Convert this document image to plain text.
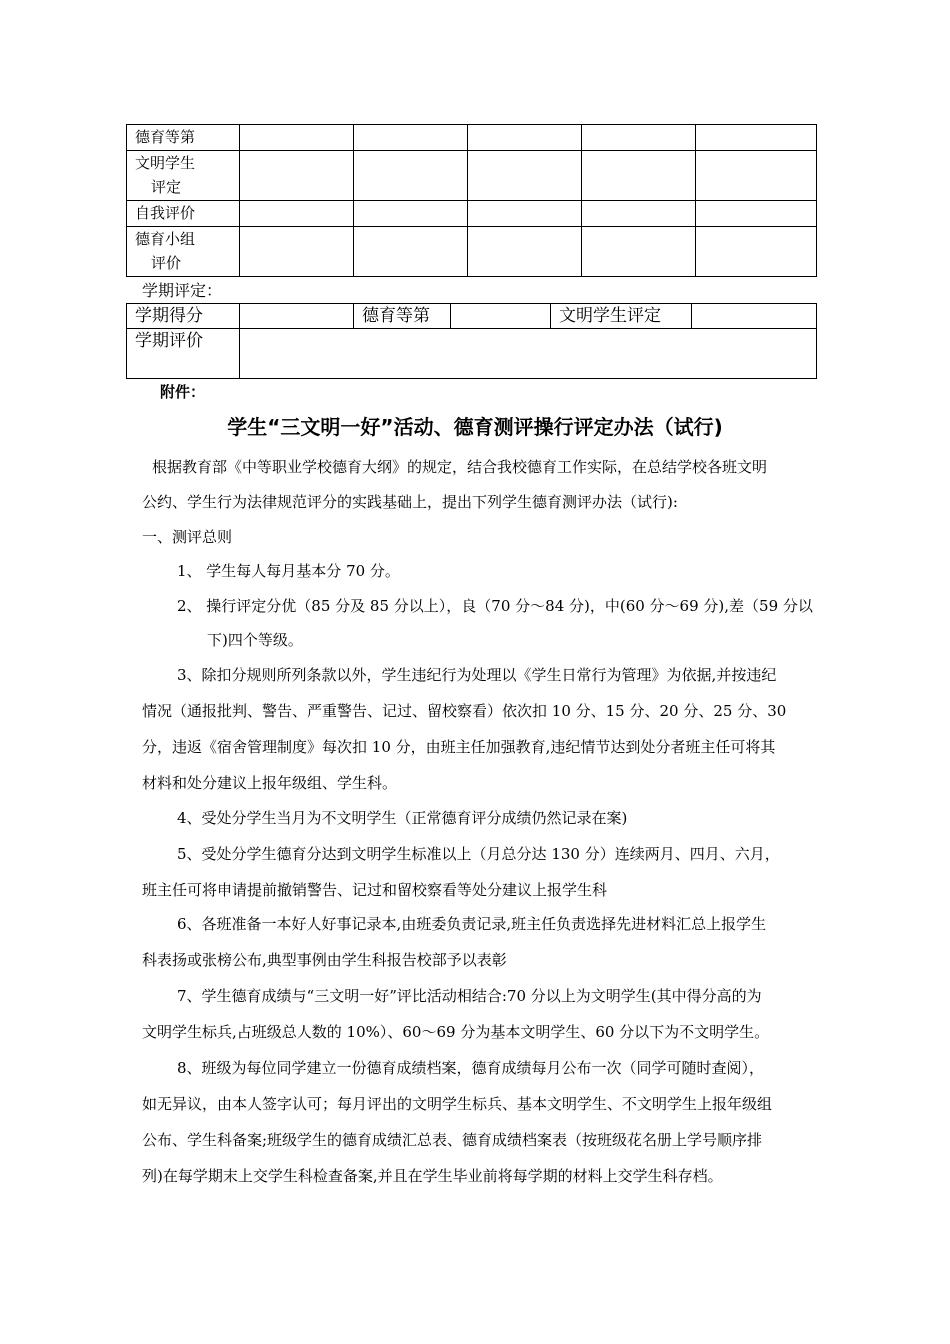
德育等第					
文明学生
评定					

自我评价					
德育小组
评价					

学期评定：
学期得分		德育等第		文明学生评定	
学期评价					
附件：
学生“三文明一好”活动、德育测评操行评定办法（试行)
根据教育部《中等职业学校德育大纲》的规定，结合我校德育工作实际，在总结学校各班文明
公约、学生行为法律规范评分的实践基础上，提出下列学生德育测评办法（试行):
一、测评总则
1、 学生每人每月基本分 70 分。
2、 操行评定分优（85 分及 85 分以上），良（70 分～84 分)，中(60 分～69 分),差（59 分以
下)四个等级。
3、除扣分规则所列条款以外，学生违纪行为处理以《学生日常行为管理》为依据,并按违纪
情况（通报批判、警告、严重警告、记过、留校察看）依次扣 10 分、15 分、20 分、25 分、30
分，违返《宿舍管理制度》每次扣 10 分，由班主任加强教育,违纪情节达到处分者班主任可将其
材料和处分建议上报年级组、学生科。
4、受处分学生当月为不文明学生（正常德育评分成绩仍然记录在案)
5、受处分学生德育分达到文明学生标准以上（月总分达 130 分）连续两月、四月、六月，
班主任可将申请提前撤销警告、记过和留校察看等处分建议上报学生科
6、各班准备一本好人好事记录本,由班委负责记录,班主任负责选择先进材料汇总上报学生
科表扬或张榜公布,典型事例由学生科报告校部予以表彰
7、学生德育成绩与“三文明一好”评比活动相结合:70 分以上为文明学生(其中得分高的为
文明学生标兵,占班级总人数的 10%）、60～69 分为基本文明学生、60 分以下为不文明学生。
8、班级为每位同学建立一份德育成绩档案，德育成绩每月公布一次（同学可随时查阅），
如无异议，由本人签字认可；每月评出的文明学生标兵、基本文明学生、不文明学生上报年级组
公布、学生科备案;班级学生的德育成绩汇总表、德育成绩档案表（按班级花名册上学号顺序排
列)在每学期末上交学生科检查备案,并且在学生毕业前将每学期的材料上交学生科存档。
